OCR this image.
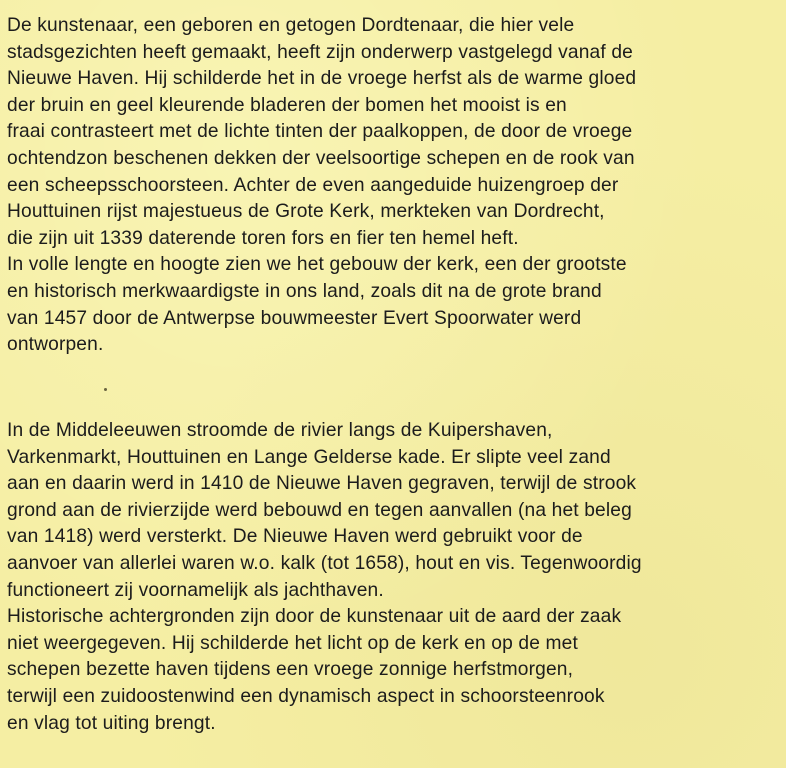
De kunstenaar, een geboren en getogen Dordtenaar, die hier vele
stadsgezichten heeft gemaakt, heeft zijn onderwerp vastgelegd vanaf de
Nieuwe Haven. Hij schilderde het in de vroege herfst als de warme gloed
der bruin en geel kleurende bladeren der bomen het mooist is en
fraai contrasteert met de lichte tinten der paalkoppen, de door de vroege
ochtendzon beschenen dekken der veelsoortige schepen en de rook van
een scheepsschoorsteen. Achter de even aangeduide huizengroep der
Houttuinen rijst majestueus de Grote Kerk, merkteken van Dordrecht,
die zijn uit 1339 daterende toren fors en fier ten hemel heft.
In volle lengte en hoogte zien we het gebouw der kerk, een der grootste
en historisch merkwaardigste in ons land, zoals dit na de grote brand
van 1457 door de Antwerpse bouwmeester Evert Spoorwater werd
ontworpen.

In de Middeleeuwen stroomde de rivier langs de Kuipershaven,
Varkenmarkt, Houttuinen en Lange Gelderse kade. Er slipte veel zand
aan en daarin werd in 1410 de Nieuwe Haven gegraven, terwijl de strook
grond aan de rivierzijde werd bebouwd en tegen aanvallen (na het beleg
van 1418) werd versterkt. De Nieuwe Haven werd gebruikt voor de
aanvoer van allerlei waren w.o. kalk (tot 1658), hout en vis. Tegenwoordig
functioneert zij voornamelijk als jachthaven.
Historische achtergronden zijn door de kunstenaar uit de aard der zaak
niet weergegeven. Hij schilderde het licht op de kerk en op de met
schepen bezette haven tijdens een vroege zonnige herfstmorgen,
terwijl een zuidoostenwind een dynamisch aspect in schoorsteenrook
en vlag tot uiting brengt.
